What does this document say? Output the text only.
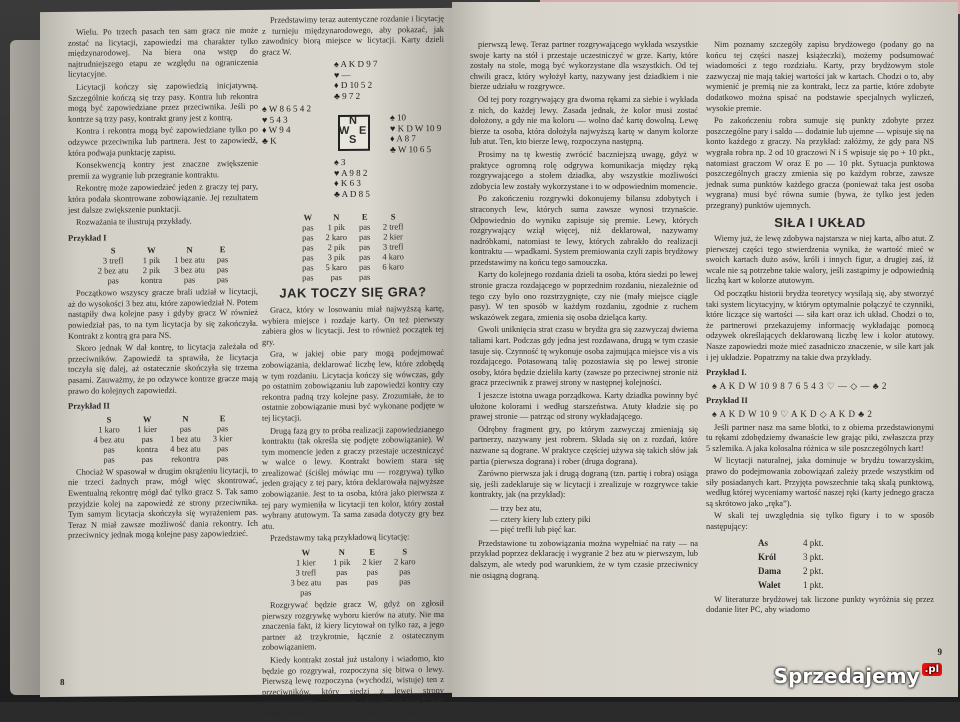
Wielu. Po trzech pasach ten sam gracz nie może zostać na licytacji, zapowiedzi ma charakter tylko międzynarodowej. Na biera ona wstęp do najtrudniejszego etapu ze względu na ograniczenia licytacyjne.

Licytacji kończy się zapowiedzią inicjatywną. Szczególnie kończą się trzy pasy. Kontra lub rekontra mogą być zapowiedziane przez przeciwnika. Jeśli po kontrze są trzy pasy, kontrakt grany jest z kontrą.

Kontra i rekontra mogą być zapowiedziane tylko po odzywce przeciwnika lub partnera. Jest to zapowiedź, która podwaja punktację zapisu.

Konsekwencją kontry jest znaczne zwiększenie premii za wygranie lub przegranie kontraktu.

Rekontrę może zapowiedzieć jeden z graczy tej pary, która podała skontrowane zobowiązanie. Jej rezultatem jest dalsze zwiększenie punktacji.

Rozważania te ilustrują przykłady.

Przykład I
S	W	N	E
3 trefl	1 pik	1 bez atu	pas
2 bez atu	2 pik	3 bez atu	pas
pas	kontra	pas	pas

Początkowo wszyscy gracze brali udział w licytacji, aż do wysokości 3 bez atu, które zapowiedział N. Potem nastąpiły dwa kolejne pasy i gdyby gracz W również powiedział pas, to na tym licytacja by się zakończyła. Kontrakt z kontrą gra para NS.

Skoro jednak W dał kontrę, to licytacja zależała od przeciwników. Zapowiedź ta sprawiła, że licytacja toczyła się dalej, aż ostatecznie skończyła się trzema pasami. Zauważmy, że po odzywce kontrze gracze mają prawo do kolejnych zapowiedzi.

Przykład II
S	W	N	E
1 karo	1 kier	pas	pas
4 bez atu	pas	1 bez atu	3 kier
pas	kontra	4 bez atu	pas
pas	pas	rekontra	pas

Chociaż W spasował w drugim okrążeniu licytacji, to nie trzeci żadnych praw, mógł więc skontrować, Ewentualną rekontrę mógł dać tylko gracz S. Tak samo przyjdzie kolej na zapowiedź ze strony przeciwnika. Tym samym licytacja skończyła się wyrażeniem pas. Teraz N miał zawsze możliwość dania rekontry. Ich przeciwnicy jednak mogą kolejne pasy zapowiedzieć.

Przedstawimy teraz autentyczne rozdanie i licytację z turnieju międzynarodowego, aby pokazać, jak zawodnicy biorą miejsce w licytacji. Karty dzieli gracz W.

♠ A K D 9 7
♥ —
♦ D 10 5 2
♣ 9 7 2
♠ W 8 6 5 4 2
♥ 5 4 3
♦ W 9 4
♣ K
♠ 10
♥ K D W 10 9
♦ A 8 7
♣ W 10 6 5
♠ 3
♥ A 9 8 2
♦ K 6 3
♣ A D 8 5
N
S
W E
W	N	E	S
pas	1 pik	pas	2 trefl
pas	2 karo	pas	2 kier
pas	2 pik	pas	3 trefl
pas	3 pik	pas	4 karo
pas	5 karo	pas	6 karo
pas	pas	pas	
JAK TOCZY SIĘ GRA?

Gracz, który w losowaniu miał najwyższą kartę, wybiera miejsce i rozdaje karty. On też pierwszy zabiera głos w licytacji. Jest to również początek tej gry.

Gra, w jakiej obie pary mogą podejmować zobowiązania, deklarować liczbę lew, które zdobędą w tym rozdaniu. Licytacja kończy się wówczas, gdy po ostatnim zobowiązaniu lub zapowiedzi kontry czy rekontra padną trzy kolejne pasy. Zrozumiałe, że to ostatnie zobowiązanie musi być wykonane podjęte w tej licytacji.

Drugą fazą gry to próba realizacji zapowiedzianego kontraktu (tak określa się podjęte zobowiązanie). W tym momencie jeden z graczy przestaje uczestniczyć w walce o lewy. Kontrakt bowiem stara się zrealizować (ściślej mówiąc mu — rozgrywa) tylko jeden grający z tej pary, która deklarowała najwyższe zobowiązanie. Jest to ta osoba, która jako pierwsza z tej pary wymieniła w licytacji ten kolor, który został wybrany atutowym. Ta sama zasada dotyczy gry bez atu.

Przedstawmy taką przykładową licytację:

W	N	E	S
1 kier	1 pik	2 kier	2 karo
3 trefl	pas	pas	pas
3 bez atu	pas	pas	pas
pas			

Rozgrywać będzie gracz W, gdyż on zgłosił pierwszy rozgrywkę wyboru kierów na atuty. Nie ma znaczenia fakt, iż kiery licytował on tylko raz, a jego partner aż trzykrotnie, łącznie z ostatecznym zobowiązaniem.

Kiedy kontrakt został już ustalony i wiadomo, kto będzie go rozgrywał, rozpoczyna się bitwa o lewy. Pierwszą lewę rozpoczyna (wychodzi, wistuje) ten z przeciwników, który siedzi z lewej strony rozgrywającego. Gracz ten oddziela od swych kart jedną i kładzie ją na stole, inaugurując tym samym

8

pierwszą lewę. Teraz partner rozgrywającego wykłada wszystkie swoje karty na stół i przestaje uczestniczyć w grze. Karty, które zostały na stole, mogą być wykorzystane dla wszystkich. Od tej chwili gracz, który wyłożył karty, nazywany jest dziadkiem i nie bierze udziału w rozgrywce.

Od tej pory rozgrywający gra dwoma rękami za siebie i wykłada z nich, do każdej lewy. Zasada jednak, że kolor musi zostać dołożony, a gdy nie ma koloru — wolno dać kartę dowolną. Lewę bierze ta osoba, która dołożyła najwyższą kartę w danym kolorze lub atut. Ten, kto bierze lewę, rozpoczyna następną.

Prosimy na tę kwestię zwrócić baczniejszą uwagę, gdyż w praktyce ogromną rolę odgrywa komunikacja między ręką rozgrywającego a stołem dziadka, aby wszystkie możliwości zdobycia lew zostały wykorzystane i to w odpowiednim momencie.

Po zakończeniu rozgrywki dokonujemy bilansu zdobytych i straconych lew, których suma zawsze wynosi trzynaście. Odpowiednio do wyniku zapisuje się premie. Lewy, których rozgrywający wziął więcej, niż deklarował, nazywamy nadróbkami, natomiast te lewy, których zabrakło do realizacji kontraktu — wpadkami. System premiowania czyli zapis brydżowy przedstawimy na końcu tego samouczka.

Karty do kolejnego rozdania dzieli ta osoba, która siedzi po lewej stronie gracza rozdającego w poprzednim rozdaniu, niezależnie od tego czy było ono rozstrzygnięte, czy nie (mały miejsce ciągle pasy). W ten sposób w każdym rozdaniu, zgodnie z ruchem wskazówek zegara, zmienia się osoba dzieląca karty.

Gwoli uniknięcia strat czasu w brydża gra się zazwyczaj dwiema taliami kart. Podczas gdy jedna jest rozdawana, drugą w tym czasie tasuje się. Czynność tę wykonuje osoba zajmująca miejsce vis a vis rozdającego. Potasowaną talię pozostawia się po lewej stronie osoby, która będzie dzieliła karty (zawsze po przeciwnej stronie niż gracz przeciwnik z prawej strony w następnej kolejności.

I jeszcze istotna uwaga porządkowa. Karty dziadka powinny być ułożone kolorami i według starszeństwa. Atuty kładzie się po prawej stronie — patrząc od strony wykładającego.

Odrębny fragment gry, po którym zazwyczaj zmieniają się partnerzy, nazywany jest robrem. Składa się on z rozdań, które nazwane są dograne. W praktyce częściej używa się takich słów jak partia (pierwsza dograna) i rober (druga dograna).

Zarówno pierwsza jak i drugą dograną (tzn. partię i robra) osiąga się, jeśli zadeklaruje się w licytacji i zrealizuje w rozgrywce takie kontrakty, jak (na przykład):

— trzy bez atu,
— cztery kiery lub cztery piki
— pięć trefli lub pięć kar.

Przedstawione tu zobowiązania można wypełniać na raty — na przykład poprzez deklarację i wygranie 2 bez atu w pierwszym, lub dalszym, ale wtedy pod warunkiem, że w tym czasie przeciwnicy nie osiągną dograną.

Nim poznamy szczegóły zapisu brydżowego (podany go na końcu tej części naszej książeczki), możemy podsumować wiadomości z tego rozdziału. Karty, przy brydżowym stole zazwyczaj nie mają takiej wartości jak w kartach. Chodzi o to, aby wymienić je premią nie za kontrakt, lecz za partie, które zdobyte dodatkowo można spisać na podstawie specjalnych wyliczeń, wysokie premie.

Po zakończeniu robra sumuje się punkty zdobyte przez poszczególne pary i saldo — dodatnie lub ujemne — wpisuje się na konto każdego z graczy. Na przykład: załóżmy, że gdy para NS wygrała robra np. 2 od 10 graczowi N i S wpisuje się po + 10 pkt., natomiast graczom W oraz E po — 10 pkt. Sytuacja punktowa poszczególnych graczy zmienia się po każdym robrze, zawsze jednak suma punktów każdego gracza (ponieważ taka jest osoba wygrana) musi być równa sumie (bywa, że tylko jest jeden przegrany) punktów ujemnych.

SIŁA I UKŁAD

Wiemy już, że lewę zdobywa najstarsza w niej karta, albo atut. Z pierwszej części tego stwierdzenia wynika, że wartość mieć w swoich kartach dużo asów, króli i innych figur, a drugiej zaś, iż wcale nie są potrzebne takie walory, jeśli zastąpimy je odpowiednią liczbą kart w kolorze atutowym.

Od początku historii brydża teoretycy wysilają się, aby stworzyć taki system licytacyjny, w którym optymalnie połączyć te czynniki, które liczące się wartości — siła kart oraz ich układ. Chodzi o to, że partnerowi przekazujemy informację wykładając pomocą odzywek określających deklarowaną liczbę lew i kolor atutowy. Nasze zapowiedzi może mieć zasadniczo znaczenie, w sile kart jak i jej układzie. Popatrzmy na takie dwa przykłady.

Przykład I.
♠ A K D W 10 9 8 7 6 5 4 3 ♡ — ◇ — ♣ 2
Przykład II
♠ A K D W 10 9 ♡ A K D ◇ A K D ♣ 2

Jeśli partner nasz ma same blotki, to z obiema przedstawionymi tu rękami zdobędziemy dwanaście lew grając piki, zwłaszcza przy 5 szlemika. A jaka kolosalna różnica w sile poszczególnych kart!

W licytacji naturalnej, jaka dominuje w brydżu towarzyskim, prawo do podejmowania zobowiązań zależy przede wszystkim od siły posiadanych kart. Przyjęta powszechnie taką skalą punktową, według której wyceniamy wartość naszej ręki (karty jednego gracza są skrótowo jako „ręka”).

W skali tej uwzględnia się tylko figury i to w sposób następujący:

As	4 pkt.
Król	3 pkt.
Dama	2 pkt.
Walet	1 pkt.

W literaturze brydżowej tak liczone punkty wyróżnia się przez dodanie liter PC, aby wiadomo

9
Sprzedajemy $^{.pl}$
